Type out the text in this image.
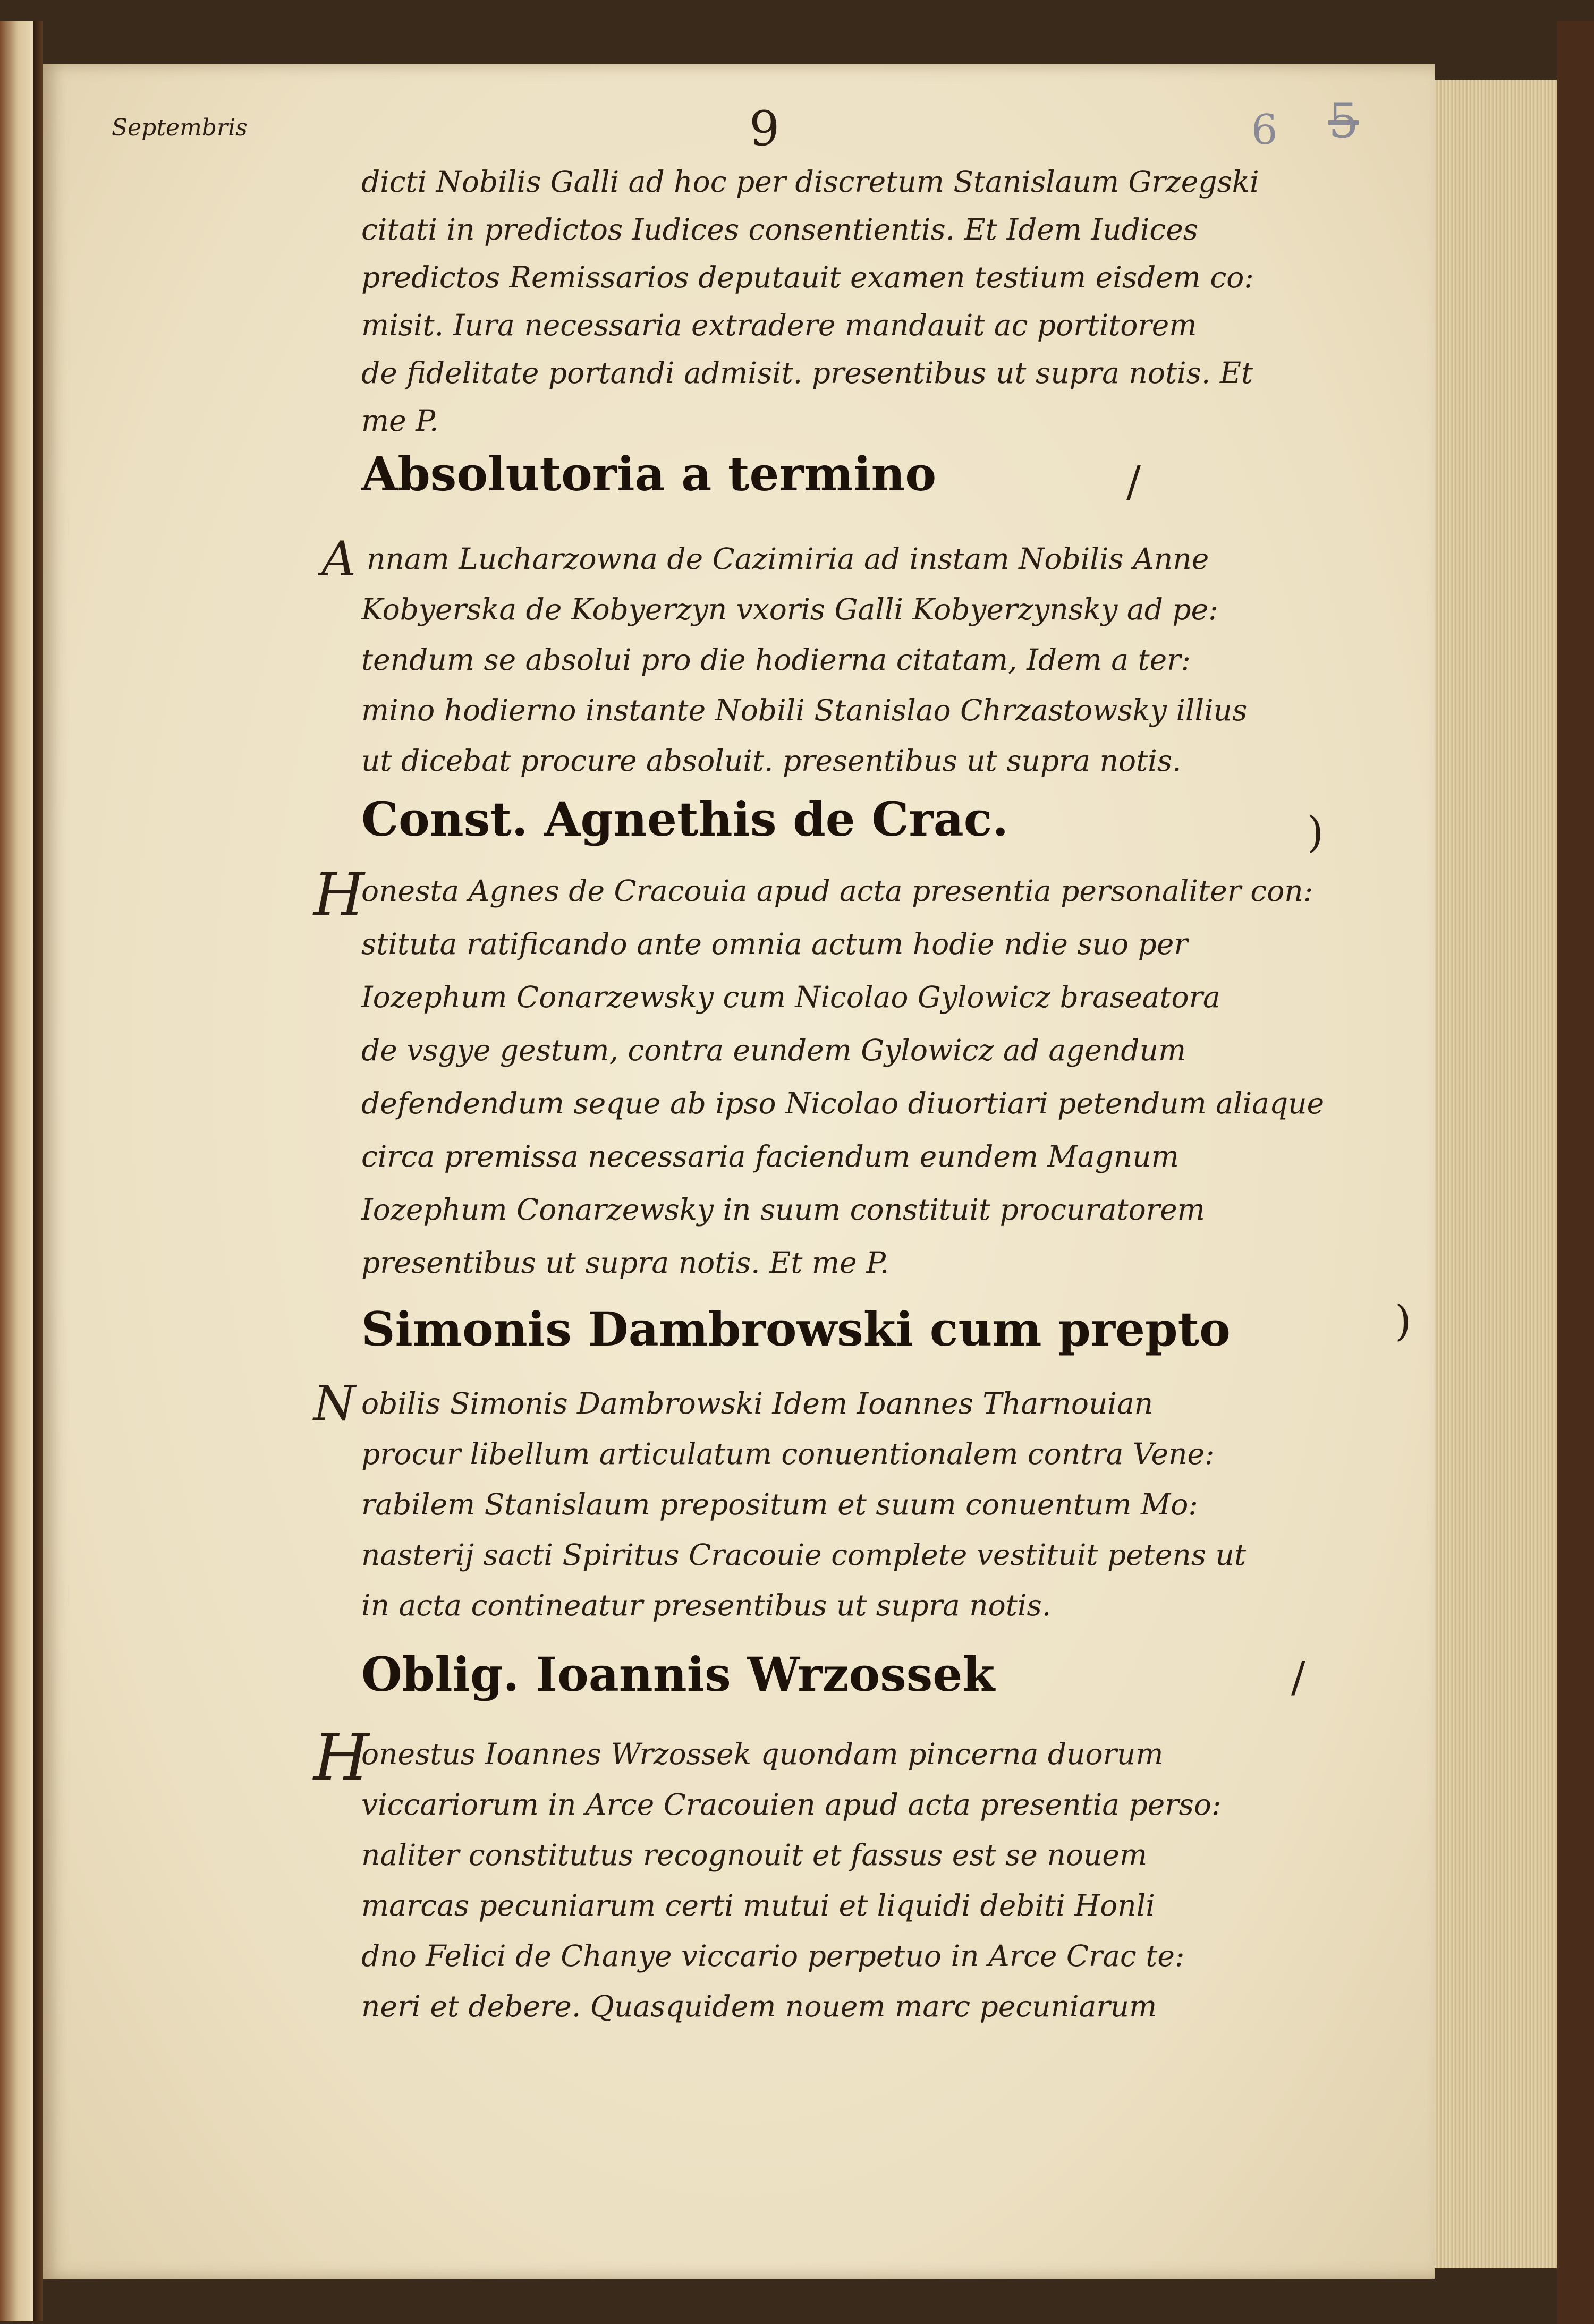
Septembris	9	6 5
dicti Nobilis Galli ad hoc per discretum Stanislaum Grzegski
citati in predictos Iudices consentientis. Et Idem Iudices
predictos Remissarios deputauit examen testium eisdem co:
misit. Iura necessaria extradere mandauit ac portitorem
de fidelitate portandi admisit. presentibus ut supra notis. Et
me P.
Absolutoria a termino	/
A nnam Lucharzowna de Cazimiria ad instam Nobilis Anne
Kobyerska de Kobyerzyn vxoris Galli Kobyerzynsky ad pe:
tendum se absolui pro die hodierna citatam, Idem a ter:
mino hodierno instante Nobili Stanislao Chrzastowsky illius
ut dicebat procure absoluit. presentibus ut supra notis.
Const. Agnethis de Crac.	)
H
onesta Agnes de Cracouia apud acta presentia personaliter con:
stituta ratificando ante omnia actum hodie ndie suo per
Iozephum Conarzewsky cum Nicolao Gylowicz braseatora
de vsgye gestum, contra eundem Gylowicz ad agendum
defendendum seque ab ipso Nicolao diuortiari petendum aliaque
circa premissa necessaria faciendum eundem Magnum
Iozephum Conarzewsky in suum constituit procuratorem
presentibus ut supra notis. Et me P.
Simonis Dambrowski cum prepto	)
N obilis Simonis Dambrowski Idem Ioannes Tharnouian
procur libellum articulatum conuentionalem contra Vene:
rabilem Stanislaum prepositum et suum conuentum Mo:
nasterij sacti Spiritus Cracouie complete vestituit petens ut
in acta contineatur presentibus ut supra notis.
Oblig. Ioannis Wrzossek	/
H
onestus Ioannes Wrzossek quondam pincerna duorum
viccariorum in Arce Cracouien apud acta presentia perso:
naliter constitutus recognouit et fassus est se nouem
marcas pecuniarum certi mutui et liquidi debiti Honli
dno Felici de Chanye viccario perpetuo in Arce Crac te:
neri et debere. Quasquidem nouem marc pecuniarum
